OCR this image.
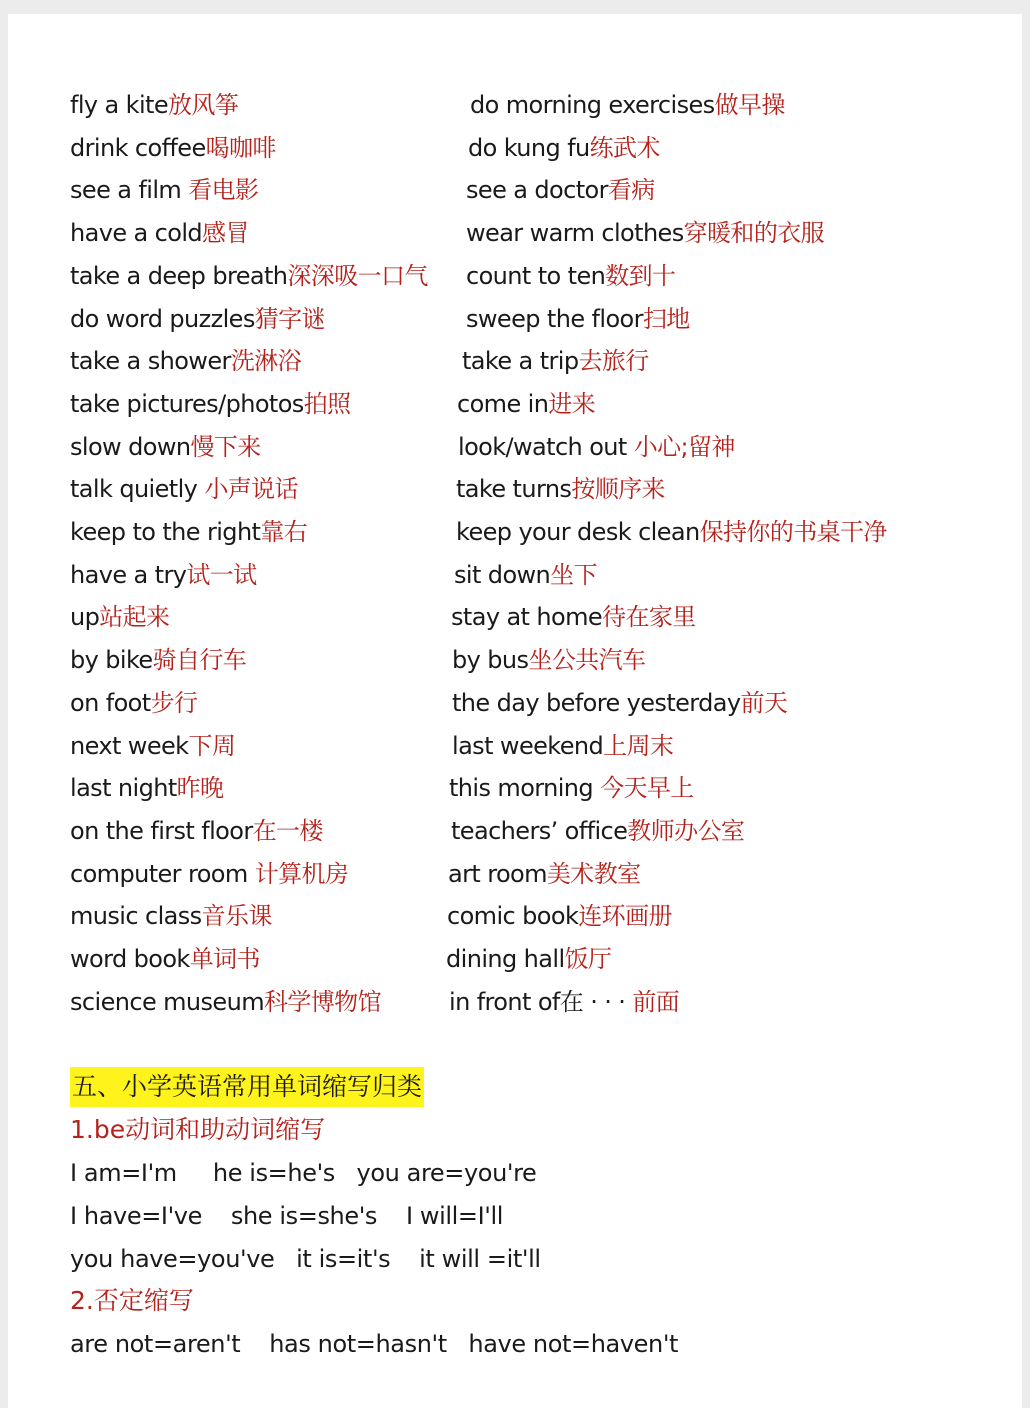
fly a kite放风筝	do morning exercises做早操
drink coffee喝咖啡	do kung fu练武术
see a film 看电影	see a doctor看病
have a cold感冒	wear warm clothes穿暖和的衣服
take a deep breath深深吸一口气 count to ten数到十
do word puzzles猜字谜	sweep the floor扫地
take a shower洗淋浴	take a trip去旅行
take pictures/photos拍照	come in进来
slow down慢下来	look/watch out 小心;留神
talk quietly 小声说话	take turns按顺序来
keep to the right靠右	keep your desk clean保持你的书桌干净
have a try试一试	sit down坐下
up站起来	stay at home待在家里
by bike骑自行车	by bus坐公共汽车
on foot步行	the day before yesterday前天
next week下周	last weekend上周末
last night昨晚	this morning 今天早上
on the first floor在一楼	teachers’ office教师办公室
computer room 计算机房	art room美术教室
music class音乐课	comic book连环画册
word book单词书	dining hall饭厅
science museum科学博物馆	in front of在 · · · 前面
五、小学英语常用单词缩写归类
1.be动词和助动词缩写
I am=I'm     he is=he's   you are=you're
I have=I've    she is=she's    I will=I'll
you have=you've   it is=it's    it will =it'll
2.否定缩写
are not=aren't    has not=hasn't   have not=haven't
